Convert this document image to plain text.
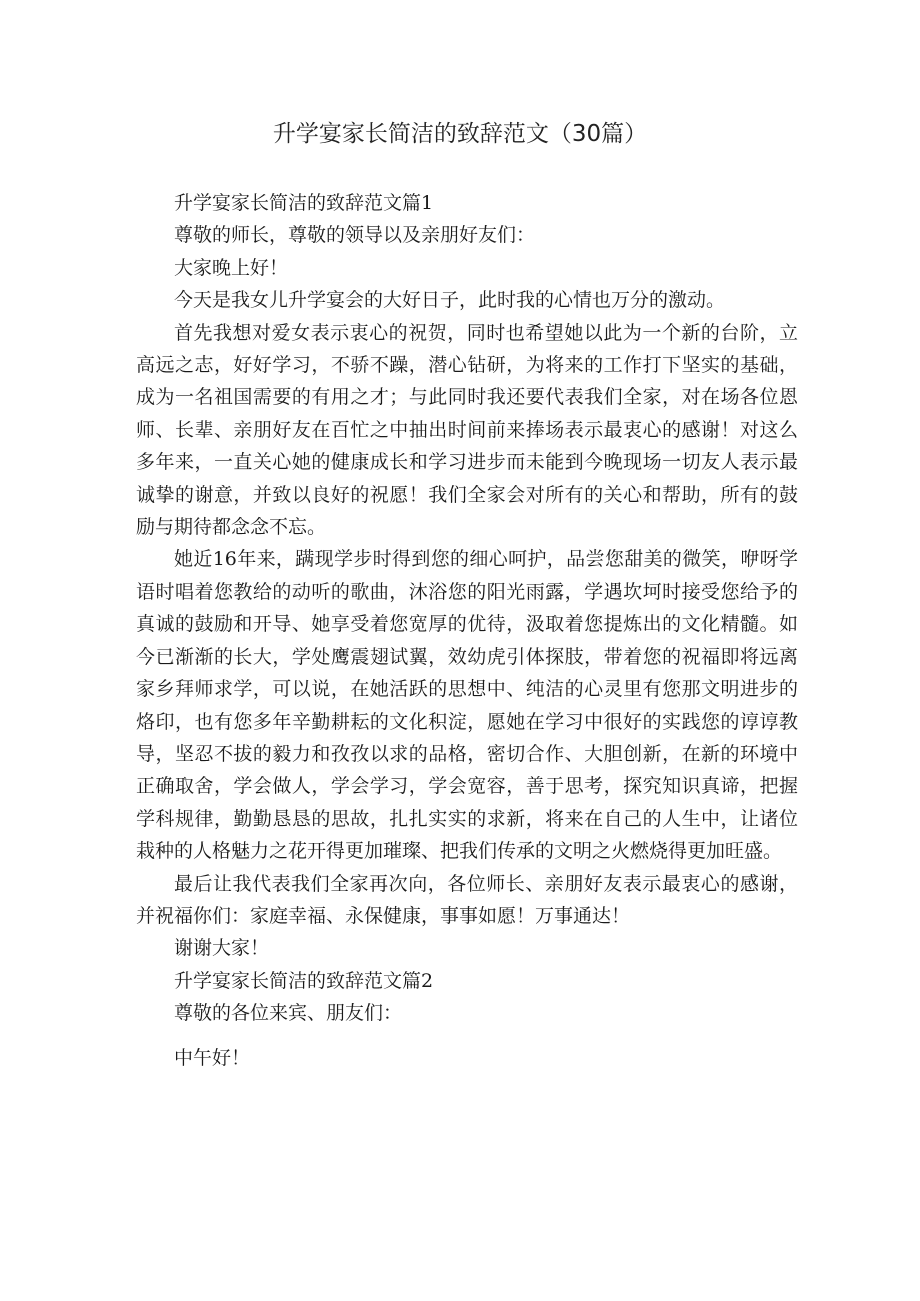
升学宴家长简洁的致辞范文（30篇）

升学宴家长简洁的致辞范文篇1

尊敬的师长，尊敬的领导以及亲朋好友们：

大家晚上好！

今天是我女儿升学宴会的大好日子，此时我的心情也万分的激动。

首先我想对爱女表示衷心的祝贺，同时也希望她以此为一个新的台阶，立高远之志，好好学习，不骄不躁，潜心钻研，为将来的工作打下坚实的基础，成为一名祖国需要的有用之才；与此同时我还要代表我们全家，对在场各位恩师、长辈、亲朋好友在百忙之中抽出时间前来捧场表示最衷心的感谢！对这么多年来，一直关心她的健康成长和学习进步而未能到今晚现场一切友人表示最诚挚的谢意，并致以良好的祝愿！我们全家会对所有的关心和帮助，所有的鼓励与期待都念念不忘。

她近16年来，蹒现学步时得到您的细心呵护，品尝您甜美的微笑，咿呀学语时唱着您教给的动听的歌曲，沐浴您的阳光雨露，学遇坎坷时接受您给予的真诚的鼓励和开导、她享受着您宽厚的优待，汲取着您提炼出的文化精髓。如今已渐渐的长大，学处鹰震翅试翼，效幼虎引体探肢，带着您的祝福即将远离家乡拜师求学，可以说，在她活跃的思想中、纯洁的心灵里有您那文明进步的烙印，也有您多年辛勤耕耘的文化积淀，愿她在学习中很好的实践您的谆谆教导，坚忍不拔的毅力和孜孜以求的品格，密切合作、大胆创新，在新的环境中正确取舍，学会做人，学会学习，学会宽容，善于思考，探究知识真谛，把握学科规律，勤勤恳恳的思故，扎扎实实的求新，将来在自己的人生中，让诸位栽种的人格魅力之花开得更加璀璨、把我们传承的文明之火燃烧得更加旺盛。

最后让我代表我们全家再次向，各位师长、亲朋好友表示最衷心的感谢，并祝福你们：家庭幸福、永保健康，事事如愿！万事通达！

谢谢大家！

升学宴家长简洁的致辞范文篇2

尊敬的各位来宾、朋友们：

中午好！
